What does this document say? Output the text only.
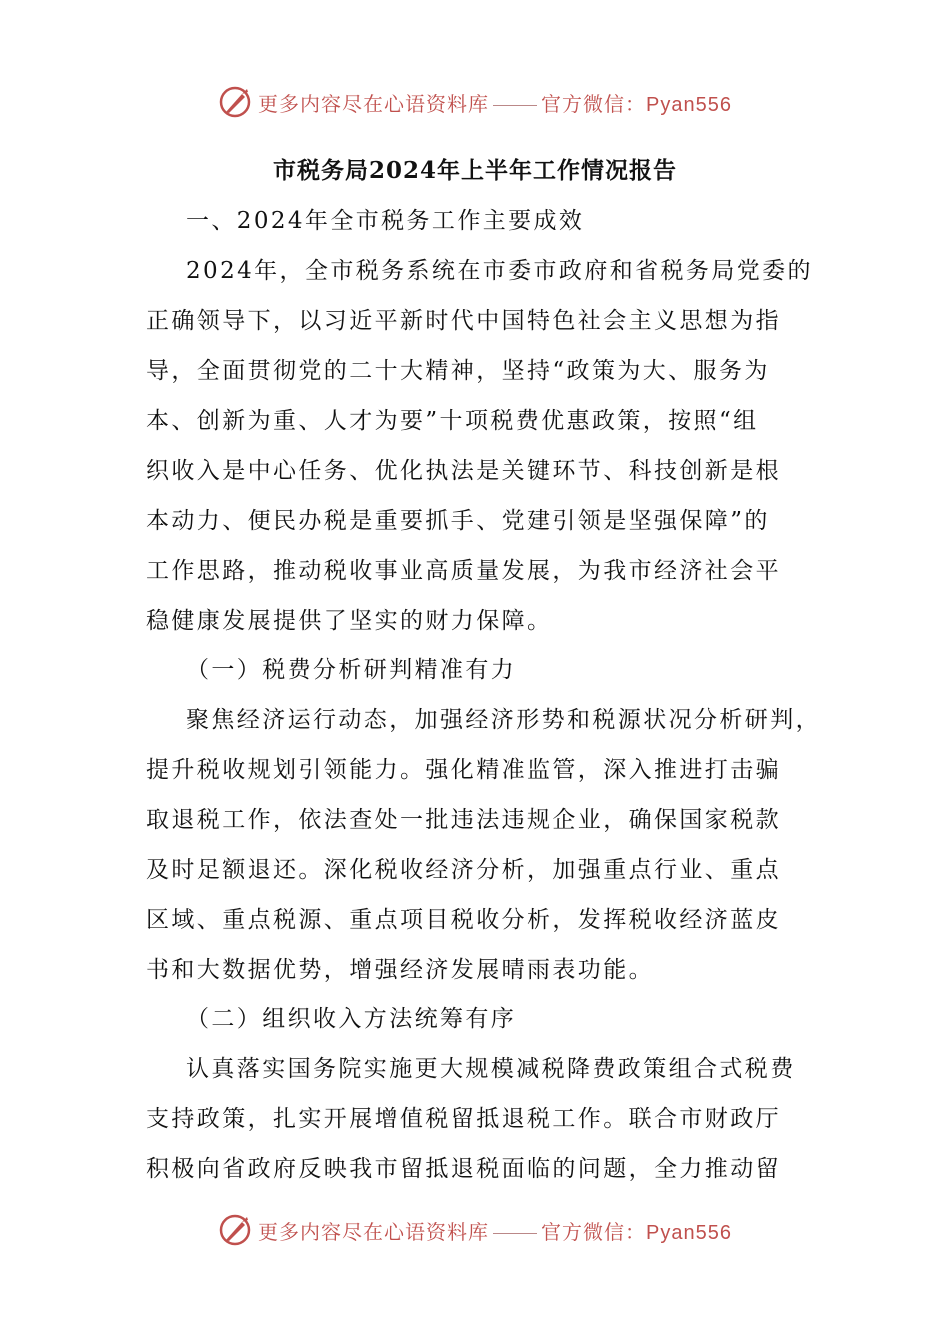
更多内容尽在心语资料库	官方微信：Pyan556
市税务局2024年上半年工作情况报告
一、2024年全市税务工作主要成效
2024年，全市税务系统在市委市政府和省税务局党委的
正确领导下，以习近平新时代中国特色社会主义思想为指
导，全面贯彻党的二十大精神，坚持“政策为大、服务为
本、创新为重、人才为要”十项税费优惠政策，按照“组
织收入是中心任务、优化执法是关键环节、科技创新是根
本动力、便民办税是重要抓手、党建引领是坚强保障”的
工作思路，推动税收事业高质量发展，为我市经济社会平
稳健康发展提供了坚实的财力保障。
（一）税费分析研判精准有力
聚焦经济运行动态，加强经济形势和税源状况分析研判，
提升税收规划引领能力。强化精准监管，深入推进打击骗
取退税工作，依法查处一批违法违规企业，确保国家税款
及时足额退还。深化税收经济分析，加强重点行业、重点
区域、重点税源、重点项目税收分析，发挥税收经济蓝皮
书和大数据优势，增强经济发展晴雨表功能。
（二）组织收入方法统筹有序
认真落实国务院实施更大规模减税降费政策组合式税费
支持政策，扎实开展增值税留抵退税工作。联合市财政厅
积极向省政府反映我市留抵退税面临的问题，全力推动留
更多内容尽在心语资料库	官方微信：Pyan556
